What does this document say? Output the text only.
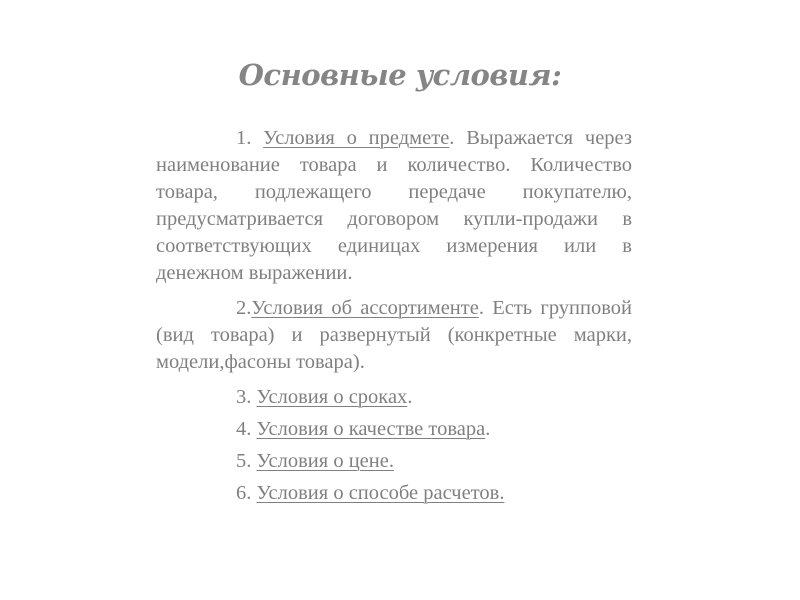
Основные условия:

1. Условия о предмете. Выражается через наименование товара и количество. Количество товара, подлежащего передаче покупателю, предусматривается договором купли-продажи в соответствующих единицах измерения или в денежном выражении.

2.Условия об ассортименте. Есть групповой (вид товара) и развернутый (конкретные марки, модели,фасоны товара).

3. Условия о сроках.

4. Условия о качестве товара.

5. Условия о цене.

6. Условия о способе расчетов.
